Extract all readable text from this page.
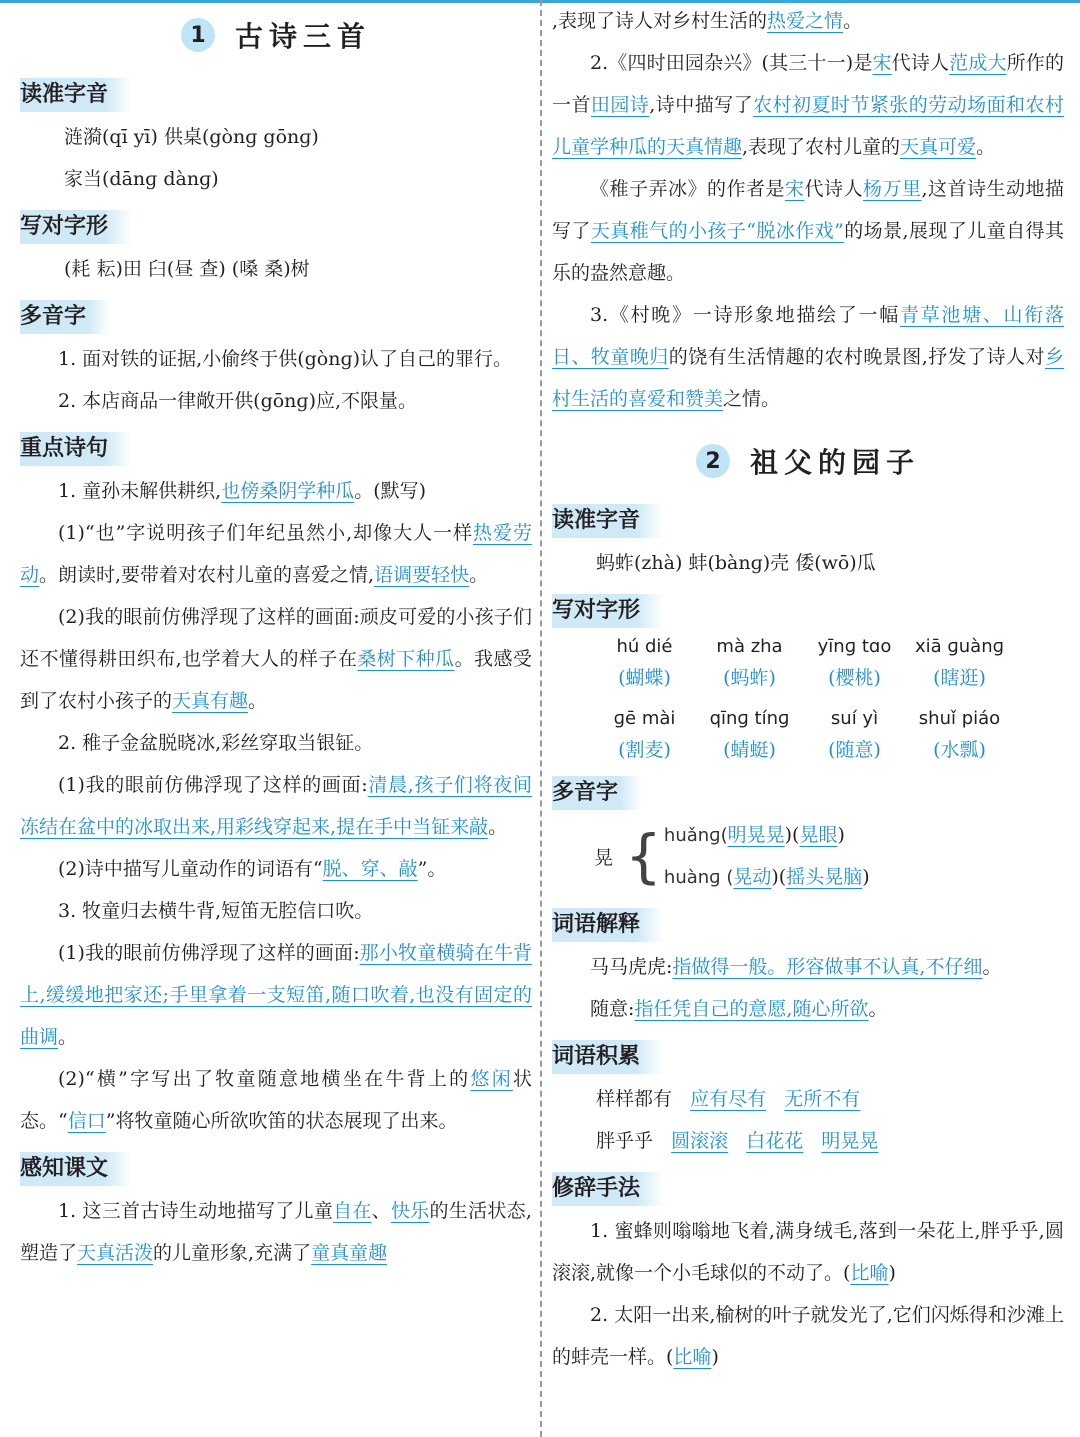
1	古诗三首
读准字音
涟漪(qī yī) 供桌(gònɡ gōnɡ)
家当(dānɡ dànɡ)
写对字形
(耗 耘)田 臼(昼 查) (嗓 桑)树
多音字

1. 面对铁的证据,小偷终于供(gònɡ)认了自己的罪行。

2. 本店商品一律敞开供(gōnɡ)应,不限量。

重点诗句

1. 童孙未解供耕织,也傍桑阴学种瓜。(默写)

(1)“也”字说明孩子们年纪虽然小,却像大人一样热爱劳动。朗读时,要带着对农村儿童的喜爱之情,语调要轻快。

(2)我的眼前仿佛浮现了这样的画面:顽皮可爱的小孩子们还不懂得耕田织布,也学着大人的样子在桑树下种瓜。我感受到了农村小孩子的天真有趣。

2. 稚子金盆脱晓冰,彩丝穿取当银钲。

(1)我的眼前仿佛浮现了这样的画面:清晨,孩子们将夜间冻结在盆中的冰取出来,用彩线穿起来,提在手中当钲来敲。

(2)诗中描写儿童动作的词语有“脱、穿、敲”。

3. 牧童归去横牛背,短笛无腔信口吹。

(1)我的眼前仿佛浮现了这样的画面:那小牧童横骑在牛背上,缓缓地把家还;手里拿着一支短笛,随口吹着,也没有固定的曲调。

(2)“横”字写出了牧童随意地横坐在牛背上的悠闲状态。“信口”将牧童随心所欲吹笛的状态展现了出来。

感知课文

1. 这三首古诗生动地描写了儿童自在、快乐的生活状态,塑造了天真活泼的儿童形象,充满了童真童趣

,表现了诗人对乡村生活的热爱之情。

2.《四时田园杂兴》(其三十一)是宋代诗人范成大所作的一首田园诗,诗中描写了农村初夏时节紧张的劳动场面和农村儿童学种瓜的天真情趣,表现了农村儿童的天真可爱。

《稚子弄冰》的作者是宋代诗人杨万里,这首诗生动地描写了天真稚气的小孩子“脱冰作戏”的场景,展现了儿童自得其乐的盎然意趣。

3.《村晚》一诗形象地描绘了一幅青草池塘、山衔落日、牧童晚归的饶有生活情趣的农村晚景图,抒发了诗人对乡村生活的喜爱和赞美之情。

2	祖父的园子
读准字音
蚂蚱(zhà) 蚌(bànɡ)壳 倭(wō)瓜
写对字形
hú dié
(蝴蝶)
mà zha
(蚂蚱)
yīnɡ tɑo
(樱桃)
xiā ɡuànɡ
(瞎逛)
ɡē mài
(割麦)
qīnɡ tínɡ
(蜻蜓)
suí yì
(随意)
shuǐ piáo
(水瓢)
多音字
晃 { huǎnɡ(明晃晃)(晃眼)
huànɡ (晃动)(摇头晃脑)
词语解释

马马虎虎:指做得一般。形容做事不认真,不仔细。

随意:指任凭自己的意愿,随心所欲。

词语积累
样样都有 应有尽有 无所不有
胖乎乎 圆滚滚 白花花 明晃晃
修辞手法

1. 蜜蜂则嗡嗡地飞着,满身绒毛,落到一朵花上,胖乎乎,圆滚滚,就像一个小毛球似的不动了。(比喻)

2. 太阳一出来,榆树的叶子就发光了,它们闪烁得和沙滩上的蚌壳一样。(比喻)
